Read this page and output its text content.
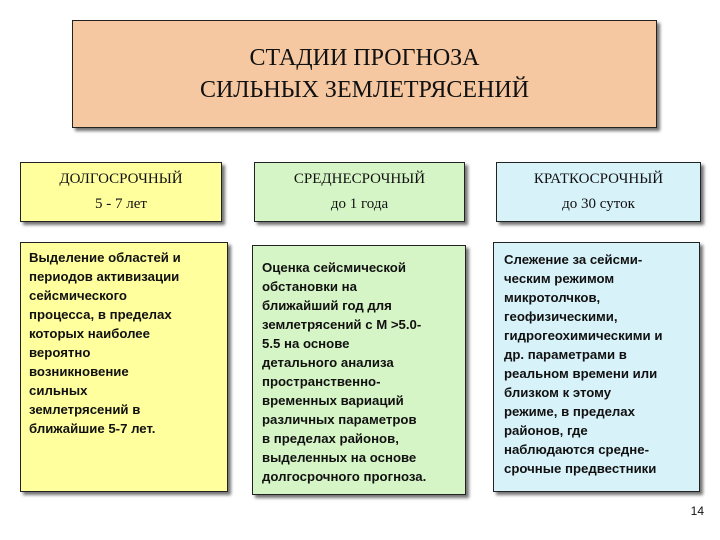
СТАДИИ ПРОГНОЗА
СИЛЬНЫХ ЗЕМЛЕТРЯСЕНИЙ
ДОЛГОСРОЧНЫЙ
5 - 7 лет
СРЕДНЕСРОЧНЫЙ
до 1 года
КРАТКОСРОЧНЫЙ
до 30 суток
Выделение областей и
периодов активизации
сейсмического
процесса, в пределах
которых наиболее
вероятно
возникновение
сильных
землетрясений в
ближайшие 5-7 лет.
Оценка сейсмической
обстановки на
ближайший год для
землетрясений с M >5.0-
5.5 на основе
детального анализа
пространственно-
временных вариаций
различных параметров
в пределах районов,
выделенных на основе
долгосрочного прогноза.
Слежение за сейсми-
ческим режимом
микротолчков,
геофизическими,
гидрогеохимическими и
др. параметрами в
реальном времени или
близком к этому
режиме, в пределах
районов, где
наблюдаются средне-
срочные предвестники
14
